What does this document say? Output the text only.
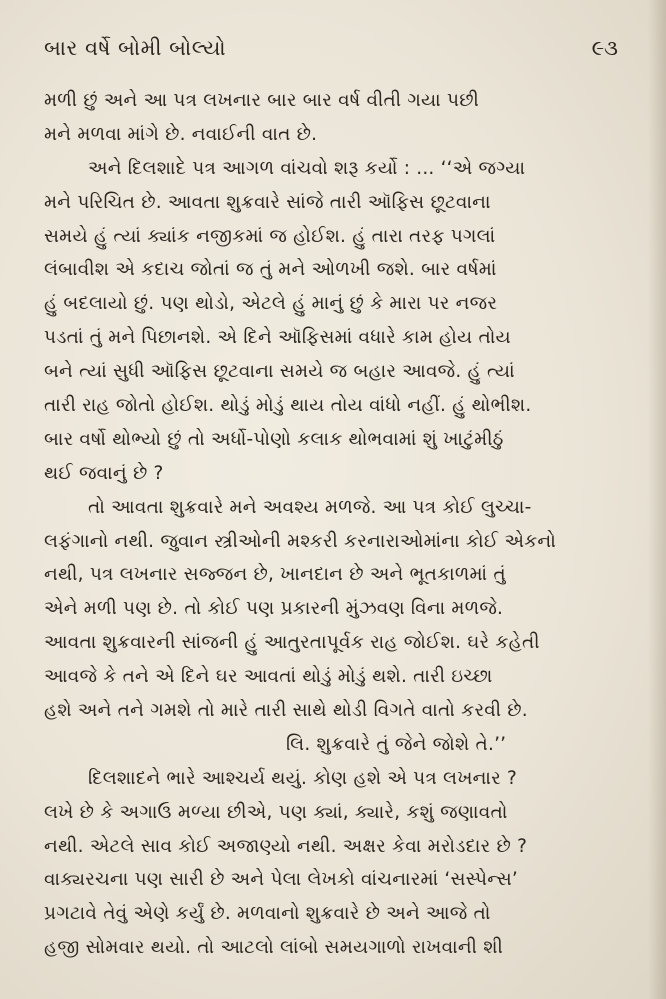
બાર વર્ષે બોમી બોલ્યો	૯૩
મળી છું અને આ પત્ર લખનાર બાર બાર વર્ષ વીતી ગયા પછી
મને મળવા માંગે છે. નવાઈની વાત છે.
અને દિલશાદે પત્ર આગળ વાંચવો શરૂ કર્યો : ... ‘‘એ જગ્યા
મને પરિચિત છે. આવતા શુક્રવારે સાંજે તારી ઑફિસ છૂટવાના
સમયે હું ત્યાં ક્યાંક નજીકમાં જ હોઈશ. હું તારા તરફ પગલાં
લંબાવીશ એ કદાચ જોતાં જ તું મને ઓળખી જશે. બાર વર્ષમાં
હું બદલાયો છું. પણ થોડો, એટલે હું માનું છું કે મારા પર નજર
પડતાં તું મને પિછાનશે. એ દિને ઑફિસમાં વધારે કામ હોય તોય
બને ત્યાં સુધી ઑફિસ છૂટવાના સમયે જ બહાર આવજે. હું ત્યાં
તારી રાહ જોતો હોઈશ. થોડું મોડું થાય તોય વાંધો નહીં. હું થોભીશ.
બાર વર્ષો થોભ્યો છું તો અર્ધો-પોણો કલાક થોભવામાં શું ખાટુંમીઠું
થઈ જવાનું છે ?
તો આવતા શુક્રવારે મને અવશ્ય મળજે. આ પત્ર કોઈ લુચ્ચા-
લફંગાનો નથી. જુવાન સ્ત્રીઓની મશ્કરી કરનારાઓમાંના કોઈ એકનો
નથી, પત્ર લખનાર સજ્જન છે, ખાનદાન છે અને ભૂતકાળમાં તું
એને મળી પણ છે. તો કોઈ પણ પ્રકારની મુંઝવણ વિના મળજે.
આવતા શુક્રવારની સાંજની હું આતુરતાપૂર્વક રાહ જોઈશ. ઘરે કહેતી
આવજે કે તને એ દિને ઘર આવતાં થોડું મોડું થશે. તારી ઇચ્છા
હશે અને તને ગમશે તો મારે તારી સાથે થોડી વિગતે વાતો કરવી છે.
લિ. શુક્રવારે તું જેને જોશે તે.’’
દિલશાદને ભારે આશ્ચર્ય થયું. કોણ હશે એ પત્ર લખનાર ?
લખે છે કે અગાઉ મળ્યા છીએ, પણ ક્યાં, ક્યારે, કશું જણાવતો
નથી. એટલે સાવ કોઈ અજાણ્યો નથી. અક્ષર કેવા મરોડદાર છે ?
વાક્યરચના પણ સારી છે અને પેલા લેખકો વાંચનારમાં ‘સસ્પેન્સ’
પ્રગટાવે તેવું એણે કર્યું છે. મળવાનો શુક્રવારે છે અને આજે તો
હજી સોમવાર થયો. તો આટલો લાંબો સમયગાળો રાખવાની શી
